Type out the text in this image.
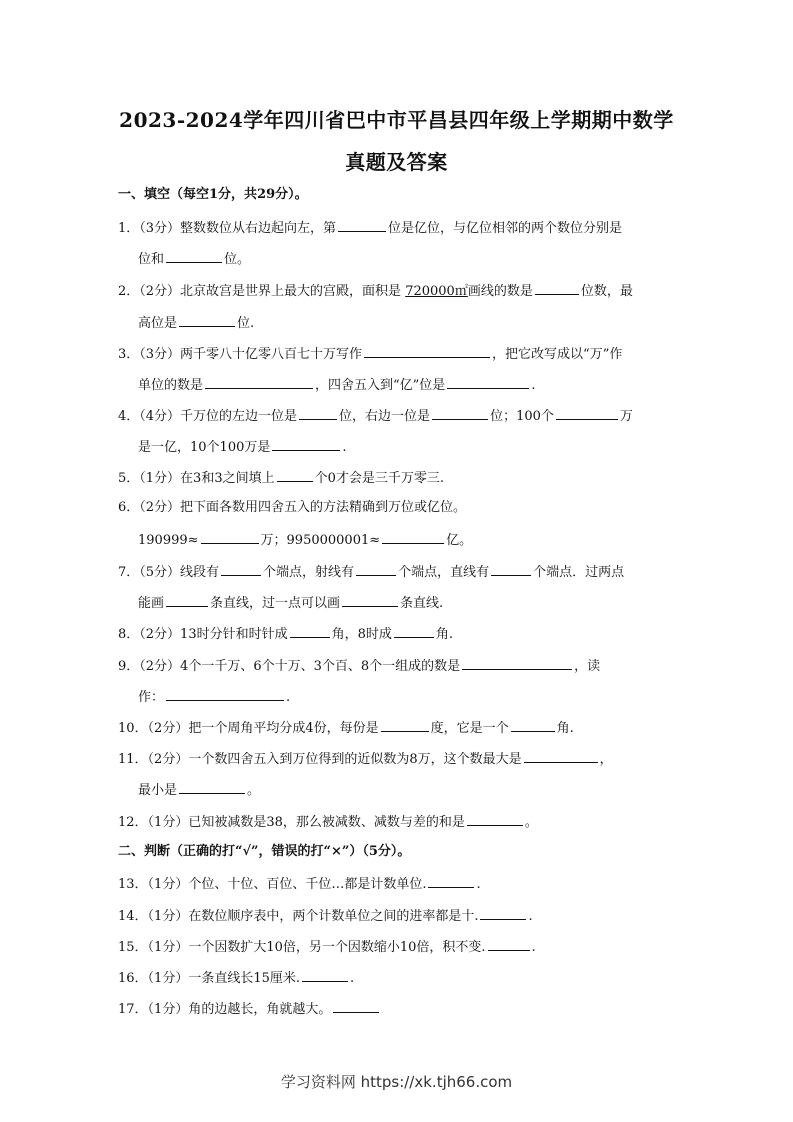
2023-2024学年四川省巴中市平昌县四年级上学期期中数学
真题及答案
一、填空（每空1分，共29分）。
1．（3分）整数数位从右边起向左，第	位是亿位，与亿位相邻的两个数位分别是
位和	位。
2．（2分）北京故宫是世界上最大的宫殿，面积是 720000㎡画线的数是	位数，最
高位是	位.
3．（3分）两千零八十亿零八百七十万写作	，把它改写成以“万”作
单位的数是	，四舍五入到“亿”位是	.
4．（4分）千万位的左边一位是	位，右边一位是	位；100个	万
是一亿，10个100万是	.
5．（1分）在3和3之间填上	个0才会是三千万零三.
6．（2分）把下面各数用四舍五入的方法精确到万位或亿位。
190999≈	万；9950000001≈	亿。
7．（5分）线段有	个端点，射线有	个端点，直线有	个端点．过两点
能画	条直线，过一点可以画	条直线.
8．（2分）13时分针和时针成	角，8时成	角.
9．（2分）4个一千万、6个十万、3个百、8个一组成的数是	，读
作：	.
10．（2分）把一个周角平均分成4份，每份是	度，它是一个	角.
11．（2分）一个数四舍五入到万位得到的近似数为8万，这个数最大是	，
最小是	。
12．（1分）已知被减数是38，那么被减数、减数与差的和是	。
二、判断（正确的打“√”，错误的打“×”）（5分）。
13．（1分）个位、十位、百位、千位…都是计数单位.	.
14．（1分）在数位顺序表中，两个计数单位之间的进率都是十.	.
15．（1分）一个因数扩大10倍，另一个因数缩小10倍，积不变.	.
16．（1分）一条直线长15厘米.	.
17．（1分）角的边越长，角就越大。
学习资料网 https://xk.tjh66.com
